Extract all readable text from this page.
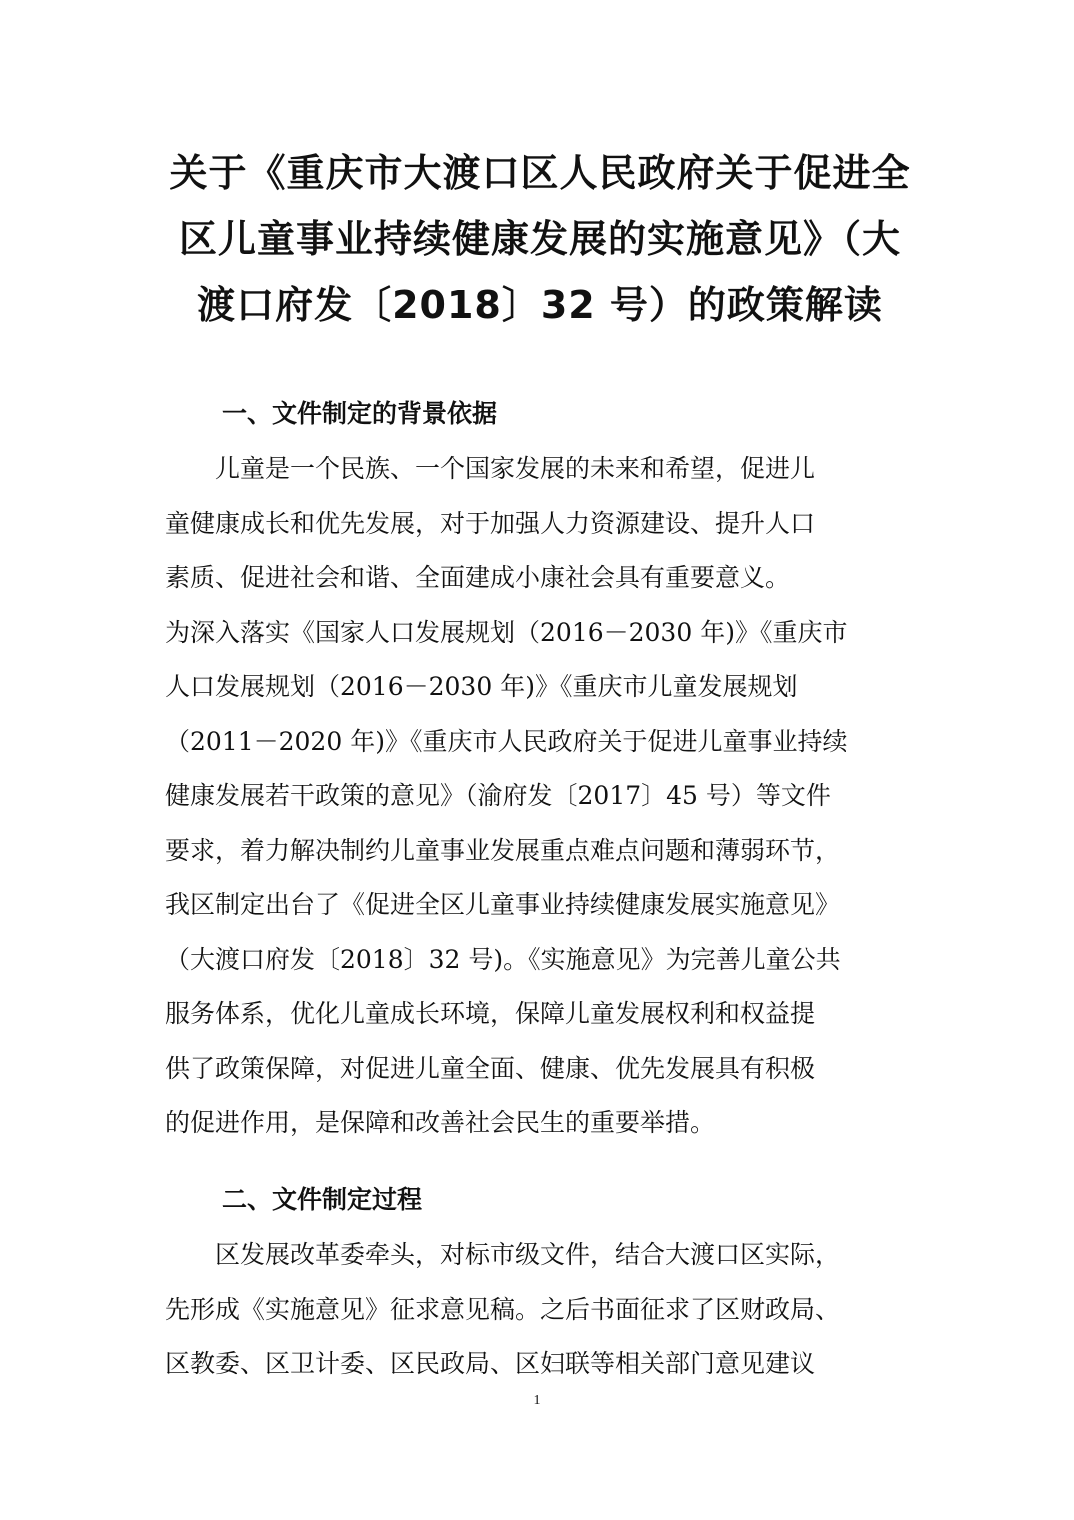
关于《重庆市大渡口区人民政府关于促进全
区儿童事业持续健康发展的实施意见》（大
渡口府发〔2018〕32 号）的政策解读
一、文件制定的背景依据
　　儿童是一个民族、一个国家发展的未来和希望，促进儿
童健康成长和优先发展，对于加强人力资源建设、提升人口
素质、促进社会和谐、全面建成小康社会具有重要意义。
为深入落实《国家人口发展规划（2016－2030 年)》《重庆市
人口发展规划（2016－2030 年)》《重庆市儿童发展规划
（2011－2020 年)》《重庆市人民政府关于促进儿童事业持续
健康发展若干政策的意见》（渝府发〔2017〕45 号）等文件
要求，着力解决制约儿童事业发展重点难点问题和薄弱环节，
我区制定出台了《促进全区儿童事业持续健康发展实施意见》
（大渡口府发〔2018〕32 号)。《实施意见》为完善儿童公共
服务体系，优化儿童成长环境，保障儿童发展权利和权益提
供了政策保障，对促进儿童全面、健康、优先发展具有积极
的促进作用，是保障和改善社会民生的重要举措。
二、文件制定过程
　　区发展改革委牵头，对标市级文件，结合大渡口区实际，
先形成《实施意见》征求意见稿。之后书面征求了区财政局、
区教委、区卫计委、区民政局、区妇联等相关部门意见建议
1
